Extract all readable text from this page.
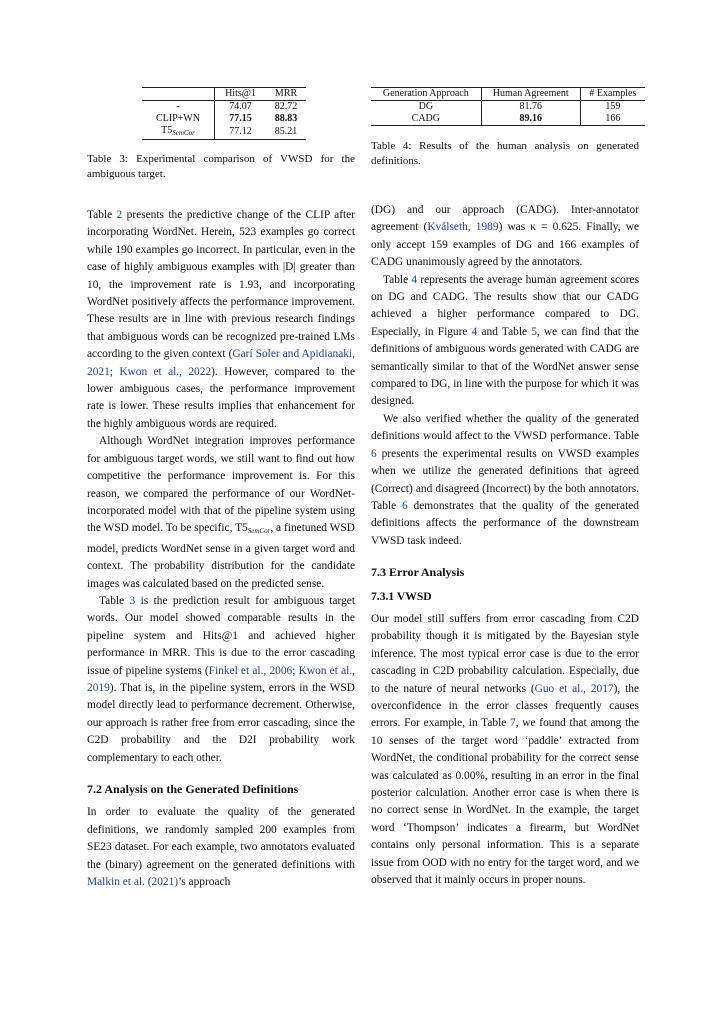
	Hits@1	MRR
-	74.07	82.72
CLIP+WN	77.15	88.83
$T5_{SemCor}$	77.12	85.21
Table 3: Experimental comparison of VWSD for the ambiguous target.
Generation Approach	Human Agreement	# Examples
DG	81.76	159
CADG	89.16	166
Table 4: Results of the human analysis on generated definitions.

Table 2 presents the predictive change of the CLIP after incorporating WordNet. Herein, 523 examples go correct while 190 examples go incorrect. In particular, even in the case of highly ambiguous examples with |D| greater than 10, the improvement rate is 1.93, and incorporating WordNet positively affects the performance improvement. These results are in line with previous research findings that ambiguous words can be recognized pre-trained LMs according to the given context (Garí Soler and Apidianaki, 2021; Kwon et al., 2022). However, compared to the lower ambiguous cases, the performance improvement rate is lower. These results implies that enhancement for the highly ambiguous words are required.

Although WordNet integration improves performance for ambiguous target words, we still want to find out how competitive the performance improvement is. For this reason, we compared the performance of our WordNet-incorporated model with that of the pipeline system using the WSD model. To be specific, $T5_{SemCor}$, a finetuned WSD model, predicts WordNet sense in a given target word and context. The probability distribution for the candidate images was calculated based on the predicted sense.

Table 3 is the prediction result for ambiguous target words. Our model showed comparable results in the pipeline system and Hits@1 and achieved higher performance in MRR. This is due to the error cascading issue of pipeline systems (Finkel et al., 2006; Kwon et al., 2019). That is, in the pipeline system, errors in the WSD model directly lead to performance decrement. Otherwise, our approach is rather free from error cascading, since the C2D probability and the D2I probability work complementary to each other.

7.2 Analysis on the Generated Definitions

In order to evaluate the quality of the generated definitions, we randomly sampled 200 examples from SE23 dataset. For each example, two annotators evaluated the (binary) agreement on the generated definitions with Malkin et al. (2021)’s approach

(DG) and our approach (CADG). Inter-annotator agreement (Kvålseth, 1989) was κ = 0.625. Finally, we only accept 159 examples of DG and 166 examples of CADG unanimously agreed by the annotators.

Table 4 represents the average human agreement scores on DG and CADG. The results show that our CADG achieved a higher performance compared to DG. Especially, in Figure 4 and Table 5, we can find that the definitions of ambiguous words generated with CADG are semantically similar to that of the WordNet answer sense compared to DG, in line with the purpose for which it was designed.

We also verified whether the quality of the generated definitions would affect to the VWSD performance. Table 6 presents the experimental results on VWSD examples when we utilize the generated definitions that agreed (Correct) and disagreed (Incorrect) by the both annotators. Table 6 demonstrates that the quality of the generated definitions affects the performance of the downstream VWSD task indeed.

7.3 Error Analysis
7.3.1 VWSD

Our model still suffers from error cascading from C2D probability though it is mitigated by the Bayesian style inference. The most typical error case is due to the error cascading in C2D probability calculation. Especially, due to the nature of neural networks (Guo et al., 2017), the overconfidence in the error classes frequently causes errors. For example, in Table 7, we found that among the 10 senses of the target word ‘paddle’ extracted from WordNet, the conditional probability for the correct sense was calculated as 0.00%, resulting in an error in the final posterior calculation. Another error case is when there is no correct sense in WordNet. In the example, the target word ‘Thompson’ indicates a firearm, but WordNet contains only personal information. This is a separate issue from OOD with no entry for the target word, and we observed that it mainly occurs in proper nouns.
